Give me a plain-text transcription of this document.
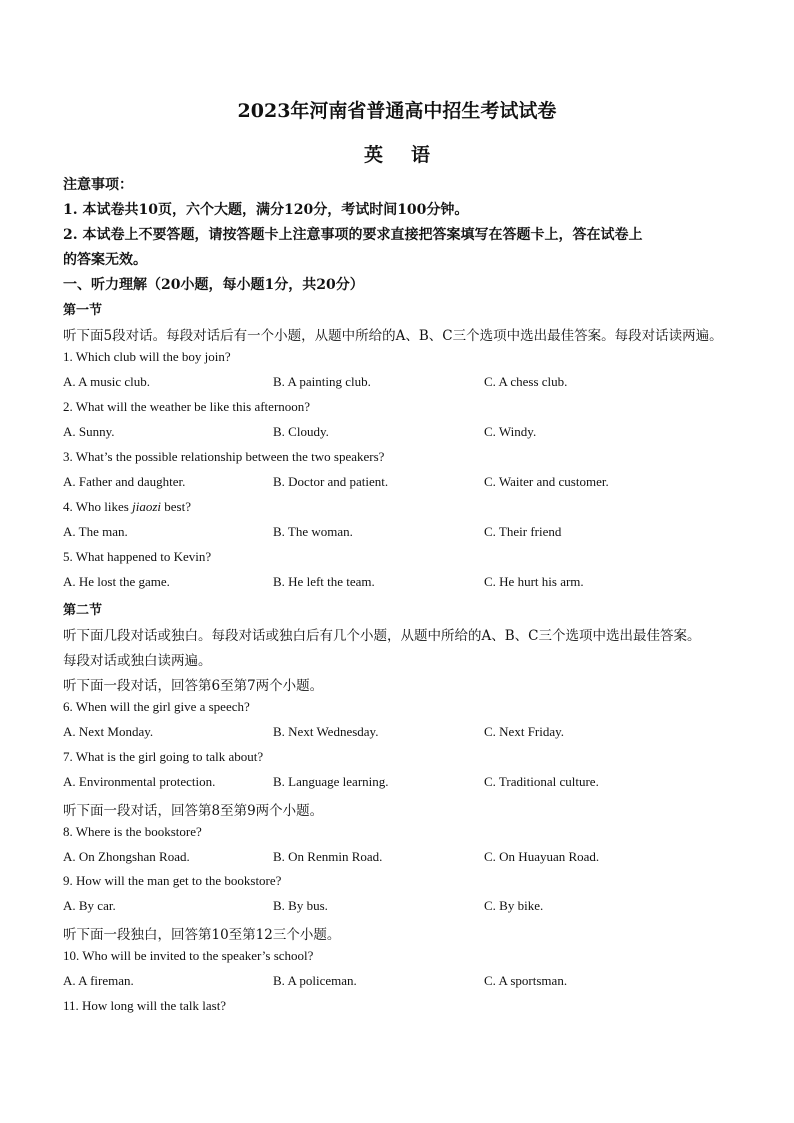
2023年河南省普通高中招生考试试卷
英语
注意事项：
1. 本试卷共10页，六个大题，满分120分，考试时间100分钟。
2. 本试卷上不要答题，请按答题卡上注意事项的要求直接把答案填写在答题卡上，答在试卷上
的答案无效。
一、听力理解（20小题，每小题1分，共20分）
第一节
听下面5段对话。每段对话后有一个小题，从题中所给的A、B、C三个选项中选出最佳答案。每段对话读两遍。
1. Which club will the boy join?
A. A music club.	B. A painting club.	C. A chess club.
2. What will the weather be like this afternoon?
A. Sunny.	B. Cloudy.	C. Windy.
3. What’s the possible relationship between the two speakers?
A. Father and daughter.	B. Doctor and patient.	C. Waiter and customer.
4. Who likes jiaozi best?
A. The man.	B. The woman.	C. Their friend
5. What happened to Kevin?
A. He lost the game.	B. He left the team.	C. He hurt his arm.
第二节
听下面几段对话或独白。每段对话或独白后有几个小题，从题中所给的A、B、C三个选项中选出最佳答案。
每段对话或独白读两遍。
听下面一段对话，回答第6至第7两个小题。
6. When will the girl give a speech?
A. Next Monday.	B. Next Wednesday.	C. Next Friday.
7. What is the girl going to talk about?
A. Environmental protection.	B. Language learning.	C. Traditional culture.
听下面一段对话，回答第8至第9两个小题。
8. Where is the bookstore?
A. On Zhongshan Road.	B. On Renmin Road.	C. On Huayuan Road.
9. How will the man get to the bookstore?
A. By car.	B. By bus.	C. By bike.
听下面一段独白，回答第10至第12三个小题。
10. Who will be invited to the speaker’s school?
A. A fireman.	B. A policeman.	C. A sportsman.
11. How long will the talk last?
